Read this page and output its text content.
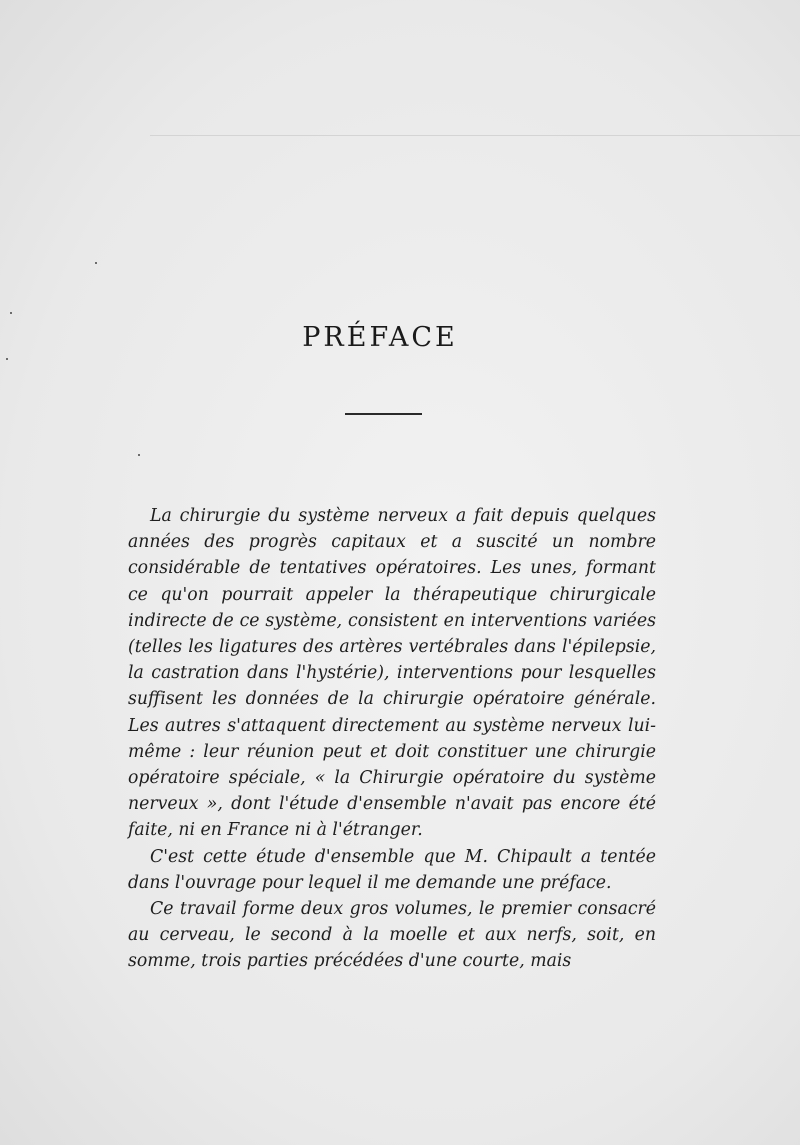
PRÉFACE

La chirurgie du système nerveux a fait depuis quelques années des progrès capitaux et a suscité un nombre considérable de tentatives opératoires. Les unes, formant ce qu'on pourrait appeler la thérapeutique chirurgicale indirecte de ce système, consistent en interventions variées (telles les ligatures des artères vertébrales dans l'épilepsie, la castration dans l'hystérie), interventions pour lesquelles suffisent les données de la chirurgie opératoire générale. Les autres s'attaquent directement au système nerveux lui-même : leur réunion peut et doit constituer une chirurgie opératoire spéciale, « la Chirurgie opératoire du système nerveux », dont l'étude d'ensemble n'avait pas encore été faite, ni en France ni à l'étranger.

C'est cette étude d'ensemble que M. Chipault a tentée dans l'ouvrage pour lequel il me demande une préface.

Ce travail forme deux gros volumes, le premier consacré au cerveau, le second à la moelle et aux nerfs, soit, en somme, trois parties précédées d'une courte, mais
